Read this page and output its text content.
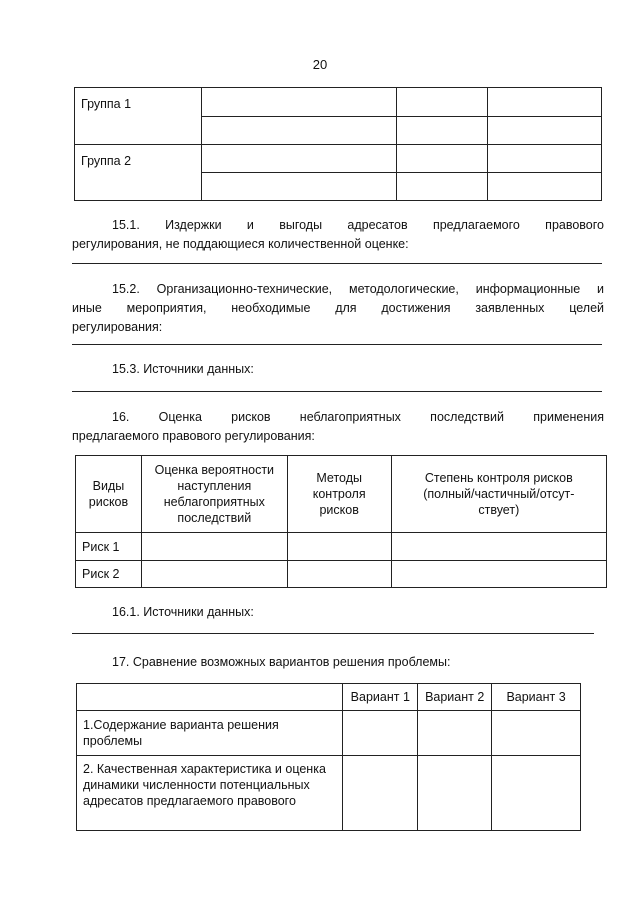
20
Группа 1			

Группа 2			

15.1. Издержки и выгоды адресатов предлагаемого правового
регулирования, не поддающиеся количественной оценке:
15.2. Организационно-технические, методологические, информационные и
иные мероприятия, необходимые для достижения заявленных целей
регулирования:
15.3. Источники данных:
16. Оценка рисков неблагоприятных последствий применения
предлагаемого правового регулирования:
Виды рисков	Оценка вероятности наступления неблагоприятных последствий	Методы контроля рисков	Степень контроля рисков (полный/частичный/отсут-ствует)
Риск 1			
Риск 2			
16.1. Источники данных:
17. Сравнение возможных вариантов решения проблемы:
	Вариант 1	Вариант 2	Вариант 3
1.Содержание варианта решения проблемы			
2. Качественная характеристика и оценка динамики численности потенциальных адресатов предлагаемого правового			
